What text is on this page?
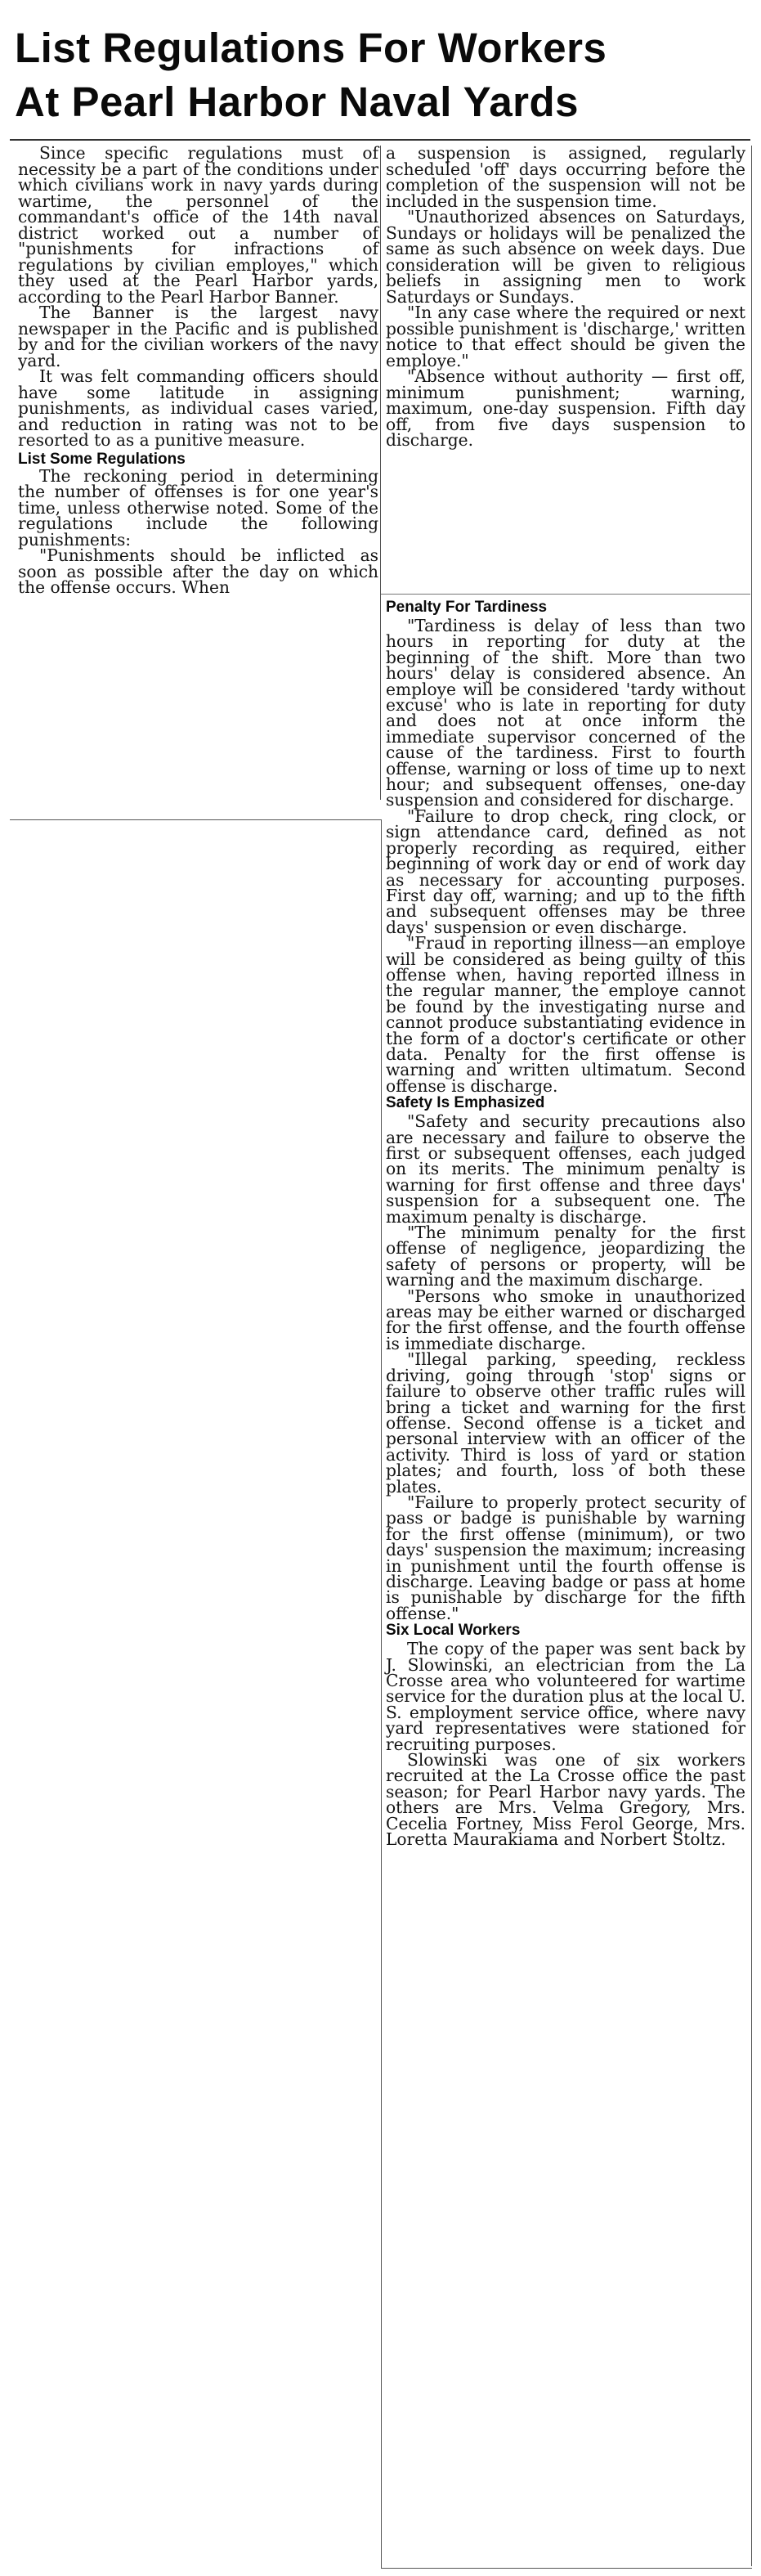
List Regulations For Workers
At Pearl Harbor Naval Yards

Since specific regulations must of necessity be a part of the conditions under which civilians work in navy yards during wartime, the personnel of the commandant's office of the 14th naval district worked out a number of "punishments for infractions of regulations by civilian employes," which they used at the Pearl Harbor yards, according to the Pearl Harbor Banner.

The Banner is the largest navy newspaper in the Pacific and is published by and for the civilian workers of the navy yard.

It was felt commanding officers should have some latitude in assigning punishments, as individual cases varied, and reduction in rating was not to be resorted to as a punitive measure.

List Some Regulations

The reckoning period in determining the number of offenses is for one year's time, unless otherwise noted. Some of the regulations include the following punishments:

"Punishments should be inflicted as soon as possible after the day on which the offense occurs. When

a suspension is assigned, regularly scheduled 'off' days occurring before the completion of the suspension will not be included in the suspension time.

"Unauthorized absences on Saturdays, Sundays or holidays will be penalized the same as such absence on week days. Due consideration will be given to religious beliefs in assigning men to work Saturdays or Sundays.

"In any case where the required or next possible punishment is 'discharge,' written notice to that effect should be given the employe."

"Absence without authority — first off, minimum punishment; warning, maximum, one-day suspension. Fifth day off, from five days suspension to discharge.

Penalty For Tardiness

"Tardiness is delay of less than two hours in reporting for duty at the beginning of the shift. More than two hours' delay is considered absence. An employe will be considered 'tardy without excuse' who is late in reporting for duty and does not at once inform the immediate supervisor concerned of the cause of the tardiness. First to fourth offense, warning or loss of time up to next hour; and subsequent offenses, one-day suspension and considered for discharge.

"Failure to drop check, ring clock, or sign attendance card, defined as not properly recording as required, either beginning of work day or end of work day as necessary for accounting purposes. First day off, warning; and up to the fifth and subsequent offenses may be three days' suspension or even discharge.

"Fraud in reporting illness—an employe will be considered as being guilty of this offense when, having reported illness in the regular manner, the employe cannot be found by the investigating nurse and cannot produce substantiating evidence in the form of a doctor's certificate or other data. Penalty for the first offense is warning and written ultimatum. Second offense is discharge.

Safety Is Emphasized

"Safety and security precautions also are necessary and failure to observe the first or subsequent offenses, each judged on its merits. The minimum penalty is warning for first offense and three days' suspension for a subsequent one. The maximum penalty is discharge.

"The minimum penalty for the first offense of negligence, jeopardizing the safety of persons or property, will be warning and the maximum discharge.

"Persons who smoke in unauthorized areas may be either warned or discharged for the first offense, and the fourth offense is immediate discharge.

"Illegal parking, speeding, reckless driving, going through 'stop' signs or failure to observe other traffic rules will bring a ticket and warning for the first offense. Second offense is a ticket and personal interview with an officer of the activity. Third is loss of yard or station plates; and fourth, loss of both these plates.

"Failure to properly protect security of pass or badge is punishable by warning for the first offense (minimum), or two days' suspension the maximum; increasing in punishment until the fourth offense is discharge. Leaving badge or pass at home is punishable by discharge for the fifth offense."

Six Local Workers

The copy of the paper was sent back by J. Slowinski, an electrician from the La Crosse area who volunteered for wartime service for the duration plus at the local U. S. employment service office, where navy yard representatives were stationed for recruiting purposes.

Slowinski was one of six workers recruited at the La Crosse office the past season; for Pearl Harbor navy yards. The others are Mrs. Velma Gregory, Mrs. Cecelia Fortney, Miss Ferol George, Mrs. Loretta Maurakiama and Norbert Stoltz.
